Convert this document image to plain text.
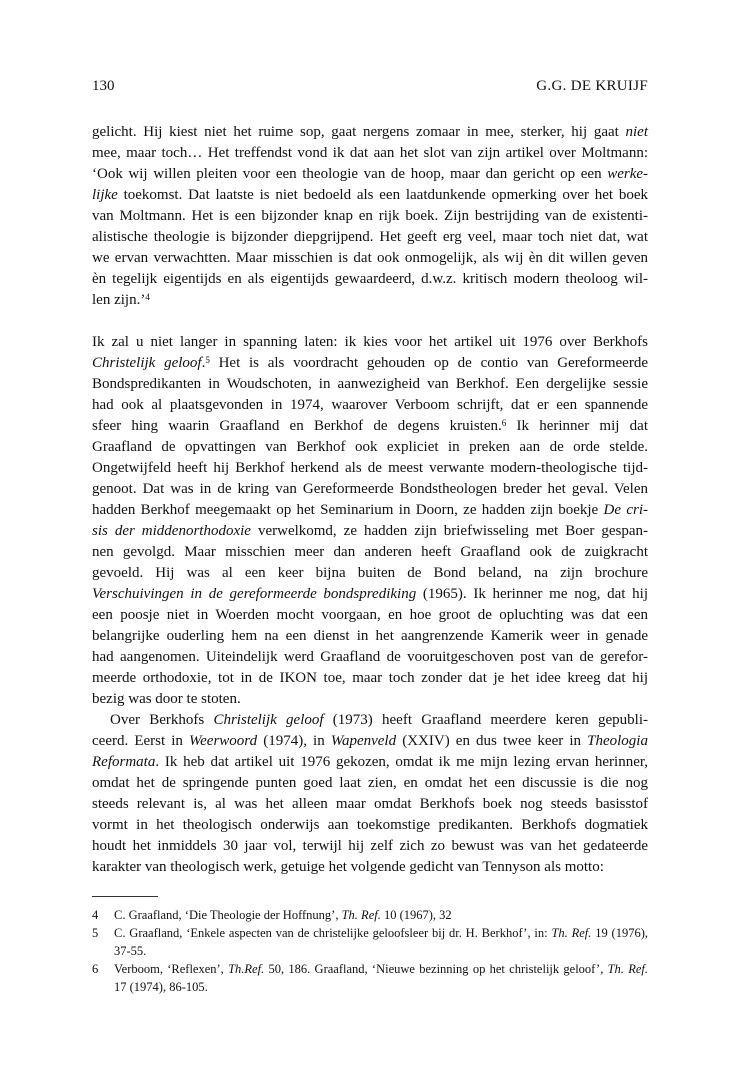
130	G.G. DE KRUIJF

gelicht. Hij kiest niet het ruime sop, gaat nergens zomaar in mee, sterker, hij gaat niet
mee, maar toch… Het treffendst vond ik dat aan het slot van zijn artikel over Moltmann:
‘Ook wij willen pleiten voor een theologie van de hoop, maar dan gericht op een werke-
lijke toekomst. Dat laatste is niet bedoeld als een laatdunkende opmerking over het boek
van Moltmann. Het is een bijzonder knap en rijk boek. Zijn bestrijding van de existenti-
alistische theologie is bijzonder diepgrijpend. Het geeft erg veel, maar toch niet dat, wat
we ervan verwachtten. Maar misschien is dat ook onmogelijk, als wij èn dit willen geven
èn tegelijk eigentijds en als eigentijds gewaardeerd, d.w.z. kritisch modern theoloog wil-
len zijn.’$^4$

Ik zal u niet langer in spanning laten: ik kies voor het artikel uit 1976 over Berkhofs
Christelijk geloof.$^5$ Het is als voordracht gehouden op de contio van Gereformeerde
Bondspredikanten in Woudschoten, in aanwezigheid van Berkhof. Een dergelijke sessie
had ook al plaatsgevonden in 1974, waarover Verboom schrijft, dat er een spannende
sfeer hing waarin Graafland en Berkhof de degens kruisten.$^6$ Ik herinner mij dat
Graafland de opvattingen van Berkhof ook expliciet in preken aan de orde stelde.
Ongetwijfeld heeft hij Berkhof herkend als de meest verwante modern-theologische tijd-
genoot. Dat was in de kring van Gereformeerde Bondstheologen breder het geval. Velen
hadden Berkhof meegemaakt op het Seminarium in Doorn, ze hadden zijn boekje De cri-
sis der middenorthodoxie verwelkomd, ze hadden zijn briefwisseling met Boer gespan-
nen gevolgd. Maar misschien meer dan anderen heeft Graafland ook de zuigkracht
gevoeld. Hij was al een keer bijna buiten de Bond beland, na zijn brochure
Verschuivingen in de gereformeerde bondsprediking (1965). Ik herinner me nog, dat hij
een poosje niet in Woerden mocht voorgaan, en hoe groot de opluchting was dat een
belangrijke ouderling hem na een dienst in het aangrenzende Kamerik weer in genade
had aangenomen. Uiteindelijk werd Graafland de vooruitgeschoven post van de gerefor-
meerde orthodoxie, tot in de IKON toe, maar toch zonder dat je het idee kreeg dat hij
bezig was door te stoten.

Over Berkhofs Christelijk geloof (1973) heeft Graafland meerdere keren gepubli-
ceerd. Eerst in Weerwoord (1974), in Wapenveld (XXIV) en dus twee keer in Theologia
Reformata. Ik heb dat artikel uit 1976 gekozen, omdat ik me mijn lezing ervan herinner,
omdat het de springende punten goed laat zien, en omdat het een discussie is die nog
steeds relevant is, al was het alleen maar omdat Berkhofs boek nog steeds basisstof
vormt in het theologisch onderwijs aan toekomstige predikanten. Berkhofs dogmatiek
houdt het inmiddels 30 jaar vol, terwijl hij zelf zich zo bewust was van het gedateerde
karakter van theologisch werk, getuige het volgende gedicht van Tennyson als motto:

4 C. Graafland, ‘Die Theologie der Hoffnung’, Th. Ref. 10 (1967), 32
5 C. Graafland, ‘Enkele aspecten van de christelijke geloofsleer bij dr. H. Berkhof’, in: Th. Ref. 19 (1976), 37-55.
6 Verboom, ‘Reflexen’, Th.Ref. 50, 186. Graafland, ‘Nieuwe bezinning op het christelijk geloof’, Th. Ref. 17 (1974), 86-105.
